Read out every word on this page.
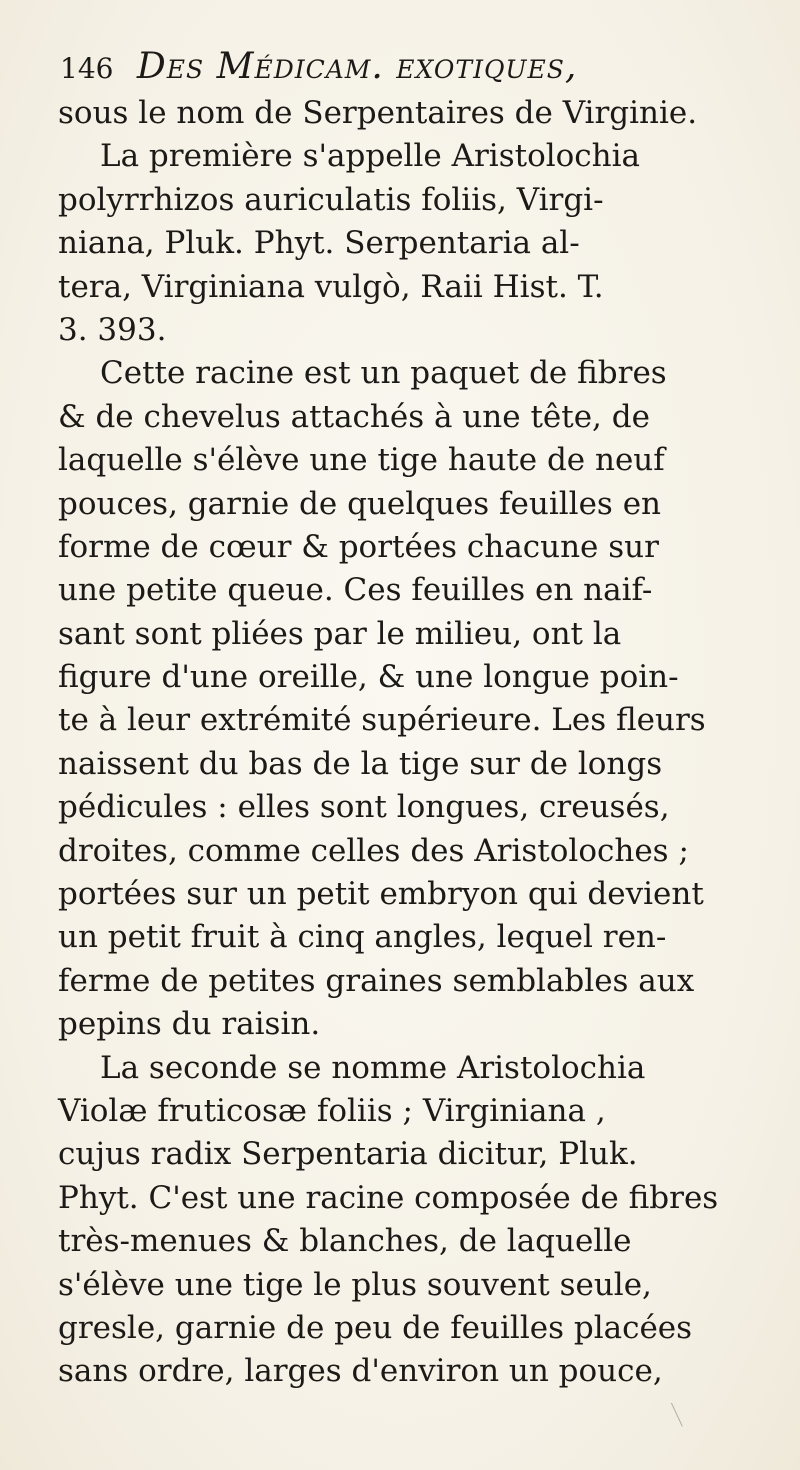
146 Des Médicam. exotiques,
sous le nom de Serpentaires de Virginie.
La première s'appelle Aristolochia
polyrrhizos auriculatis foliis, Virgi-
niana, Pluk. Phyt. Serpentaria al-
tera, Virginiana vulgò, Raii Hist. T.
3. 393.
Cette racine est un paquet de fibres
& de chevelus attachés à une tête, de
laquelle s'élève une tige haute de neuf
pouces, garnie de quelques feuilles en
forme de cœur & portées chacune sur
une petite queue. Ces feuilles en naif-
sant sont pliées par le milieu, ont la
figure d'une oreille, & une longue poin-
te à leur extrémité supérieure. Les fleurs
naissent du bas de la tige sur de longs
pédicules : elles sont longues, creusés,
droites, comme celles des Aristoloches ;
portées sur un petit embryon qui devient
un petit fruit à cinq angles, lequel ren-
ferme de petites graines semblables aux
pepins du raisin.
La seconde se nomme Aristolochia
Violæ fruticosæ foliis ; Virginiana ,
cujus radix Serpentaria dicitur, Pluk.
Phyt. C'est une racine composée de fibres
très-menues & blanches, de laquelle
s'élève une tige le plus souvent seule,
gresle, garnie de peu de feuilles placées
sans ordre, larges d'environ un pouce,
